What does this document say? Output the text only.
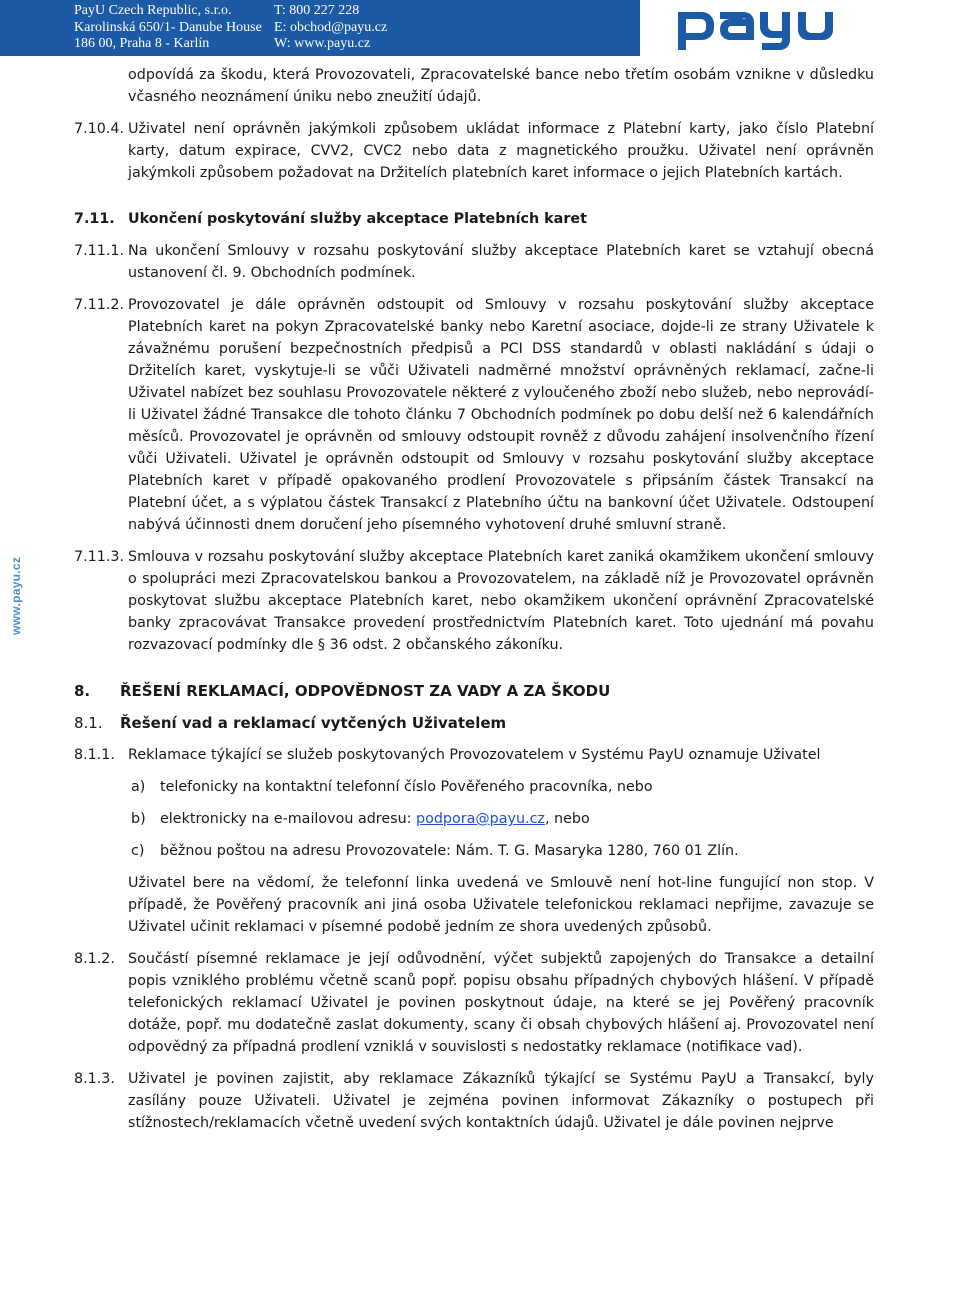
PayU Czech Republic, s.r.o.
Karolinská 650/1- Danube House
186 00, Praha 8 - Karlín
T: 800 227 228
E: obchod@payu.cz
W: www.payu.cz
www.payu.cz

odpovídá za škodu, která Provozovateli, Zpracovatelské bance nebo třetím osobám vznikne v důsledku včasného neoznámení úniku nebo zneužití údajů.

7.10.4. Uživatel není oprávněn jakýmkoli způsobem ukládat informace z Platební karty, jako číslo Platební karty, datum expirace, CVV2, CVC2 nebo data z magnetického proužku. Uživatel není oprávněn jakýmkoli způsobem požadovat na Držitelích platebních karet informace o jejich Platebních kartách.
7.11. Ukončení poskytování služby akceptace Platebních karet
7.11.1. Na ukončení Smlouvy v rozsahu poskytování služby akceptace Platebních karet se vztahují obecná ustanovení čl. 9. Obchodních podmínek.
7.11.2. Provozovatel je dále oprávněn odstoupit od Smlouvy v rozsahu poskytování služby akceptace Platebních karet na pokyn Zpracovatelské banky nebo Karetní asociace, dojde-li ze strany Uživatele k závažnému porušení bezpečnostních předpisů a PCI DSS standardů v oblasti nakládání s údaji o Držitelích karet, vyskytuje-li se vůči Uživateli nadměrné množství oprávněných reklamací, začne-li Uživatel nabízet bez souhlasu Provozovatele některé z vyloučeného zboží nebo služeb, nebo neprovádí-li Uživatel žádné Transakce dle tohoto článku 7 Obchodních podmínek po dobu delší než 6 kalendářních měsíců. Provozovatel je oprávněn od smlouvy odstoupit rovněž z důvodu zahájení insolvenčního řízení vůči Uživateli. Uživatel je oprávněn odstoupit od Smlouvy v rozsahu poskytování služby akceptace Platebních karet v případě opakovaného prodlení Provozovatele s připsáním částek Transakcí na Platební účet, a s výplatou částek Transakcí z Platebního účtu na bankovní účet Uživatele. Odstoupení nabývá účinnosti dnem doručení jeho písemného vyhotovení druhé smluvní straně.
7.11.3. Smlouva v rozsahu poskytování služby akceptace Platebních karet zaniká okamžikem ukončení smlouvy o spolupráci mezi Zpracovatelskou bankou a Provozovatelem, na základě níž je Provozovatel oprávněn poskytovat službu akceptace Platebních karet, nebo okamžikem ukončení oprávnění Zpracovatelské banky zpracovávat Transakce provedení prostřednictvím Platebních karet. Toto ujednání má povahu rozvazovací podmínky dle § 36 odst. 2 občanského zákoníku.
8. ŘEŠENÍ REKLAMACÍ, ODPOVĚDNOST ZA VADY A ZA ŠKODU
8.1. Řešení vad a reklamací vytčených Uživatelem
8.1.1. Reklamace týkající se služeb poskytovaných Provozovatelem v Systému PayU oznamuje Uživatel
a) telefonicky na kontaktní telefonní číslo Pověřeného pracovníka, nebo
b) elektronicky na e-mailovou adresu: podpora@payu.cz, nebo
c) běžnou poštou na adresu Provozovatele: Nám. T. G. Masaryka 1280, 760 01 Zlín.

Uživatel bere na vědomí, že telefonní linka uvedená ve Smlouvě není hot-line fungující non stop. V případě, že Pověřený pracovník ani jiná osoba Uživatele telefonickou reklamaci nepřijme, zavazuje se Uživatel učinit reklamaci v písemné podobě jedním ze shora uvedených způsobů.

8.1.2. Součástí písemné reklamace je její odůvodnění, výčet subjektů zapojených do Transakce a detailní popis vzniklého problému včetně scanů popř. popisu obsahu případných chybových hlášení. V případě telefonických reklamací Uživatel je povinen poskytnout údaje, na které se jej Pověřený pracovník dotáže, popř. mu dodatečně zaslat dokumenty, scany či obsah chybových hlášení aj. Provozovatel není odpovědný za případná prodlení vzniklá v souvislosti s nedostatky reklamace (notifikace vad).
8.1.3. Uživatel je povinen zajistit, aby reklamace Zákazníků týkající se Systému PayU a Transakcí, byly zasílány pouze Uživateli. Uživatel je zejména povinen informovat Zákazníky o postupech při stížnostech/reklamacích včetně uvedení svých kontaktních údajů. Uživatel je dále povinen nejprve
